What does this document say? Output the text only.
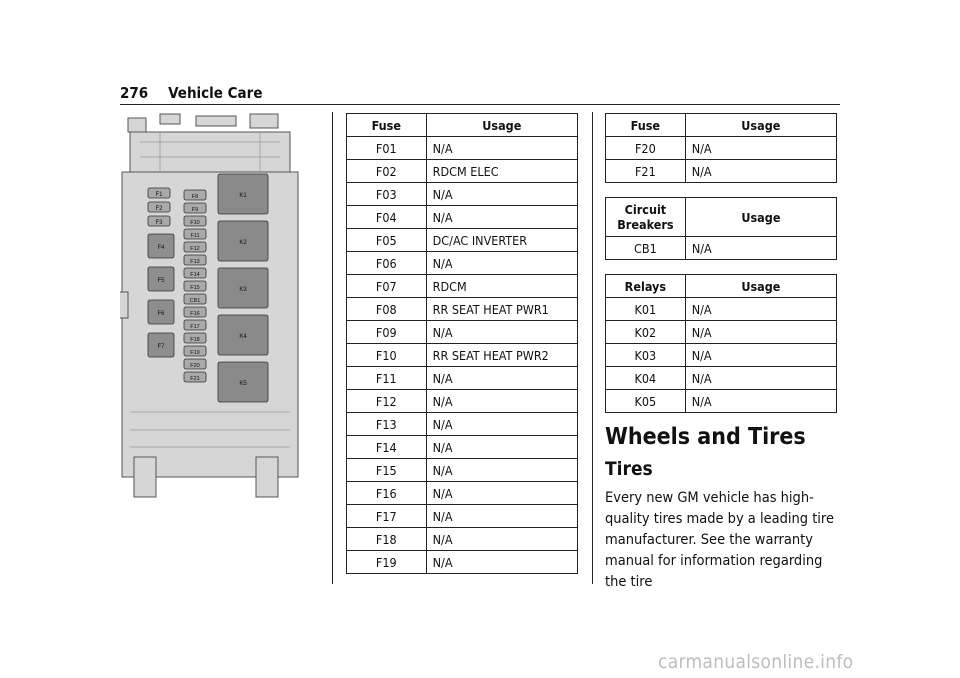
276 Vehicle Care
F1
F2
F3
F4
F5
F6
F7
F8
F9
F10
F11
F12
F13
F14
F15
CB1
F16
F17
F18
F19
F20
F21
K1
K2
K3
K4
K5
Fuse	Usage
F01	N/A
F02	RDCM ELEC
F03	N/A
F04	N/A
F05	DC/AC INVERTER
F06	N/A
F07	RDCM
F08	RR SEAT HEAT PWR1
F09	N/A
F10	RR SEAT HEAT PWR2
F11	N/A
F12	N/A
F13	N/A
F14	N/A
F15	N/A
F16	N/A
F17	N/A
F18	N/A
F19	N/A
Fuse	Usage
F20	N/A
F21	N/A
Circuit
Breakers	Usage
CB1	N/A
Relays	Usage
K01	N/A
K02	N/A
K03	N/A
K04	N/A
K05	N/A
Wheels and Tires
Tires
Every new GM vehicle has high-quality tires made by a leading tire manufacturer. See the warranty manual for information regarding the tire
carmanualsonline.info
